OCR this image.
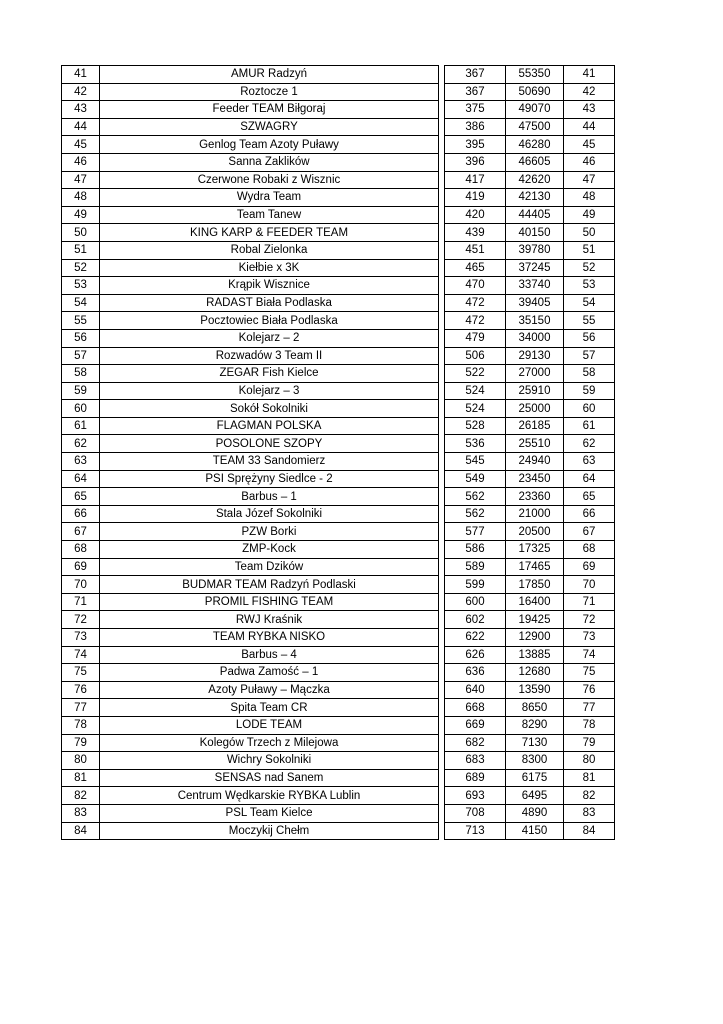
41	AMUR Radzyń		367	55350	41
42	Roztocze 1		367	50690	42
43	Feeder TEAM Biłgoraj		375	49070	43
44	SZWAGRY		386	47500	44
45	Genlog Team Azoty Puławy		395	46280	45
46	Sanna Zaklików		396	46605	46
47	Czerwone Robaki z Wisznic		417	42620	47
48	Wydra Team		419	42130	48
49	Team Tanew		420	44405	49
50	KING KARP & FEEDER TEAM		439	40150	50
51	Robal Zielonka		451	39780	51
52	Kiełbie x 3K		465	37245	52
53	Krąpik Wisznice		470	33740	53
54	RADAST Biała Podlaska		472	39405	54
55	Pocztowiec Biała Podlaska		472	35150	55
56	Kolejarz – 2		479	34000	56
57	Rozwadów 3 Team II		506	29130	57
58	ZEGAR Fish Kielce		522	27000	58
59	Kolejarz – 3		524	25910	59
60	Sokół Sokolniki		524	25000	60
61	FLAGMAN POLSKA		528	26185	61
62	POSOLONE SZOPY		536	25510	62
63	TEAM 33 Sandomierz		545	24940	63
64	PSI Sprężyny Siedlce - 2		549	23450	64
65	Barbus – 1		562	23360	65
66	Stala Józef Sokolniki		562	21000	66
67	PZW Borki		577	20500	67
68	ZMP-Kock		586	17325	68
69	Team Dzików		589	17465	69
70	BUDMAR TEAM Radzyń Podlaski		599	17850	70
71	PROMIL FISHING TEAM		600	16400	71
72	RWJ Kraśnik		602	19425	72
73	TEAM RYBKA NISKO		622	12900	73
74	Barbus – 4		626	13885	74
75	Padwa Zamość – 1		636	12680	75
76	Azoty Puławy – Mączka		640	13590	76
77	Spita Team CR		668	8650	77
78	LODE TEAM		669	8290	78
79	Kolegów Trzech z Milejowa		682	7130	79
80	Wichry Sokolniki		683	8300	80
81	SENSAS nad Sanem		689	6175	81
82	Centrum Wędkarskie RYBKA Lublin		693	6495	82
83	PSL Team Kielce		708	4890	83
84	Moczykij Chełm		713	4150	84
